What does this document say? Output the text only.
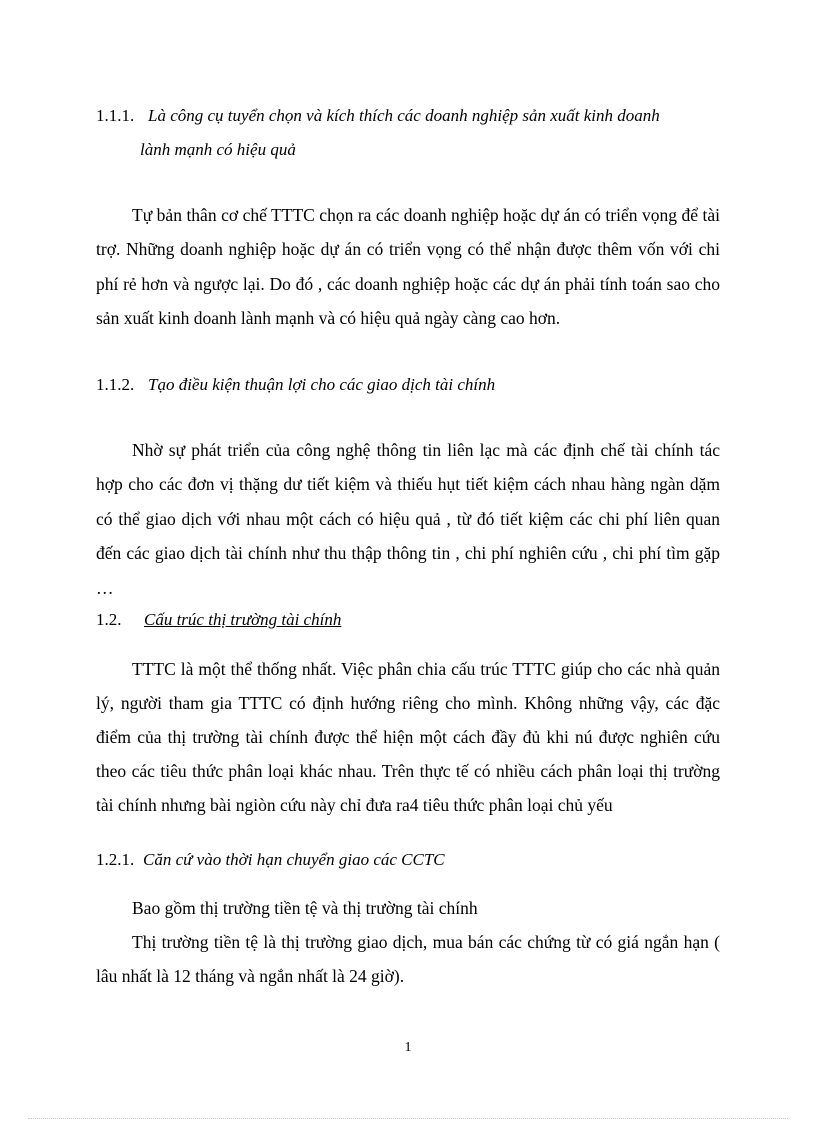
1.1.1. Là công cụ tuyển chọn và kích thích các doanh nghiệp sản xuất kinh doanh
lành mạnh có hiệu quả

Tự bản thân cơ chế TTTC chọn ra các doanh nghiệp hoặc dự án có triển vọng để tài trợ. Những doanh nghiệp hoặc dự án có triển vọng có thể nhận được thêm vốn với chi phí rẻ hơn và ngược lại. Do đó , các doanh nghiệp hoặc các dự án phải tính toán sao cho sản xuất kinh doanh lành mạnh và có hiệu quả ngày càng cao hơn.

1.1.2. Tạo điều kiện thuận lợi cho các giao dịch tài chính

Nhờ sự phát triển của công nghệ thông tin liên lạc mà các định chế tài chính tác hợp cho các đơn vị thặng dư tiết kiệm và thiếu hụt tiết kiệm cách nhau hàng ngàn dặm có thể giao dịch với nhau một cách có hiệu quả , từ đó tiết kiệm các chi phí liên quan đến các giao dịch tài chính như thu thập thông tin , chi phí nghiên cứu , chi phí tìm gặp …

1.2. Cấu trúc thị trường tài chính

TTTC là một thể thống nhất. Việc phân chia cấu trúc TTTC giúp cho các nhà quản lý, người tham gia TTTC có định hướng riêng cho mình. Không những vậy, các đặc điểm của thị trường tài chính được thể hiện một cách đầy đủ khi nú được nghiên cứu theo các tiêu thức phân loại khác nhau. Trên thực tế có nhiều cách phân loại thị trường tài chính nhưng bài ngiòn cứu này chỉ đưa ra4 tiêu thức phân loại chủ yếu

1.2.1. Căn cứ vào thời hạn chuyển giao các CCTC

Bao gồm thị trường tiền tệ và thị trường tài chính

Thị trường tiền tệ là thị trường giao dịch, mua bán các chứng từ có giá ngắn hạn ( lâu nhất là 12 tháng và ngắn nhất là 24 giờ).

1
